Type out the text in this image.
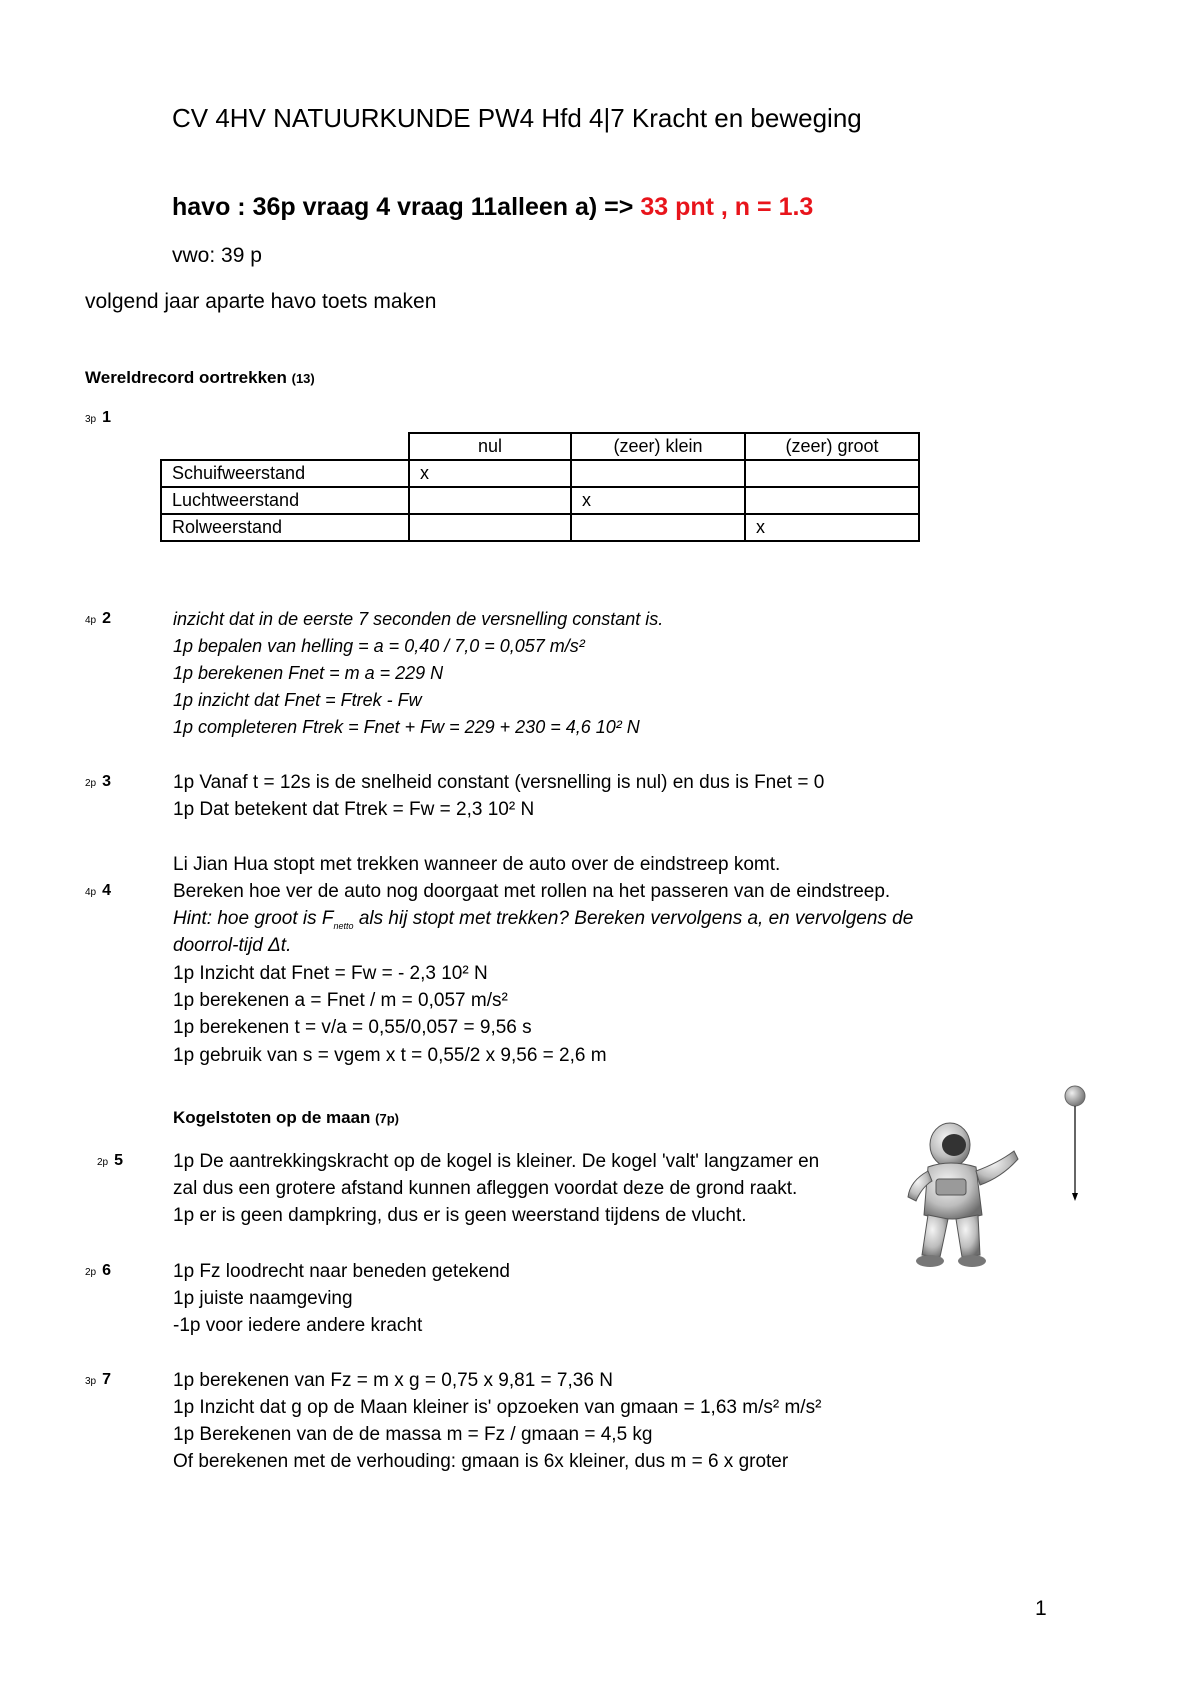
CV 4HV NATUURKUNDE PW4 Hfd 4|7 Kracht en beweging
havo : 36p vraag 4 vraag 11alleen a) => 33 pnt , n = 1.3
vwo: 39 p
volgend jaar aparte havo toets maken
Wereldrecord oortrekken (13)
3p 1
	nul	(zeer) klein	(zeer) groot
Schuifweerstand	x		
Luchtweerstand		x	
Rolweerstand			x
4p 2	inzicht dat in de eerste 7 seconden de versnelling constant is.
1p bepalen van helling = a = 0,40 / 7,0 = 0,057 m/s²
1p berekenen Fnet = m a = 229 N
1p inzicht dat Fnet = Ftrek - Fw
1p completeren Ftrek = Fnet + Fw = 229 + 230 = 4,6 10² N
2p 3	1p Vanaf t = 12s is de snelheid constant (versnelling is nul) en dus is Fnet = 0
1p Dat betekent dat Ftrek = Fw = 2,3 10² N
Li Jian Hua stopt met trekken wanneer de auto over de eindstreep komt.
4p 4	Bereken hoe ver de auto nog doorgaat met rollen na het passeren van de eindstreep.
Hint: hoe groot is $F_{netto}$ als hij stopt met trekken? Bereken vervolgens a, en vervolgens de
doorrol-tijd Δt.
1p Inzicht dat Fnet = Fw = - 2,3 10² N
1p berekenen a = Fnet / m = 0,057 m/s²
1p berekenen t = v/a = 0,55/0,057 = 9,56 s
1p gebruik van s = vgem x t = 0,55/2 x 9,56 = 2,6 m
Kogelstoten op de maan (7p)
2p 5	1p De aantrekkingskracht op de kogel is kleiner. De kogel 'valt' langzamer en
zal dus een grotere afstand kunnen afleggen voordat deze de grond raakt.
1p er is geen dampkring, dus er is geen weerstand tijdens de vlucht.
2p 6	1p Fz loodrecht naar beneden getekend
1p juiste naamgeving
-1p voor iedere andere kracht
3p 7	1p berekenen van Fz = m x g = 0,75 x 9,81 = 7,36 N
1p Inzicht dat g op de Maan kleiner is' opzoeken van gmaan = 1,63 m/s² m/s²
1p Berekenen van de de massa m = Fz / gmaan = 4,5 kg
Of berekenen met de verhouding: gmaan is 6x kleiner, dus m = 6 x groter
1
